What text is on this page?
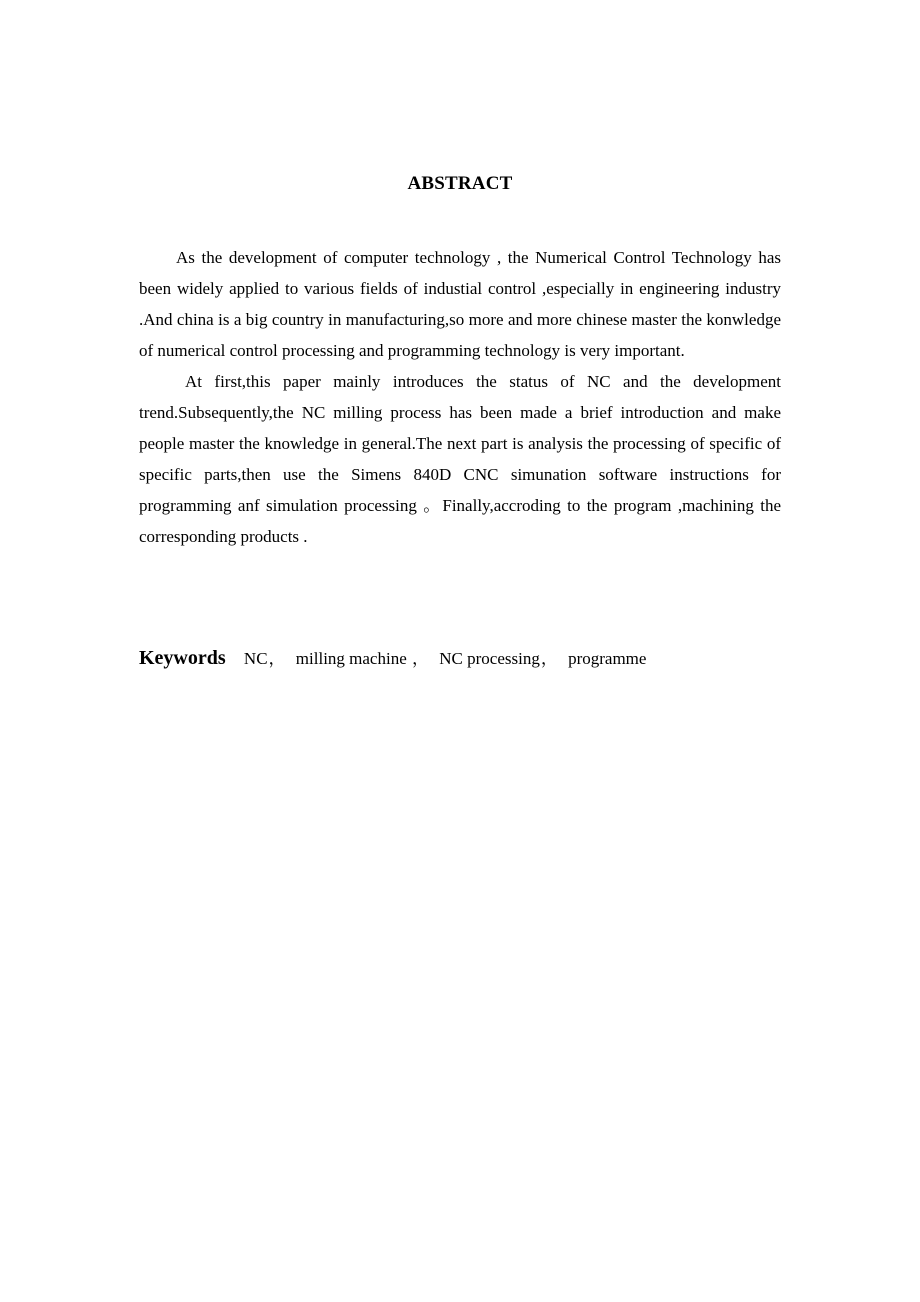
ABSTRACT

As the development of computer technology , the Numerical Control Technology has been widely applied to various fields of industial control ,especially in engineering industry .And china is a big country in manufacturing,so more and more chinese master the konwledge of numerical control processing and programming technology is very important.

At first,this paper mainly introduces the status of NC and the development trend.Subsequently,the NC milling process has been made a brief introduction and make people master the knowledge in general.The next part is analysis the processing of specific of specific parts,then use the Simens 840D CNC simunation software instructions for programming anf simulation processing 。Finally,accroding to the program ,machining the corresponding products .

Keywords NC， milling machine ， NC processing， programme
